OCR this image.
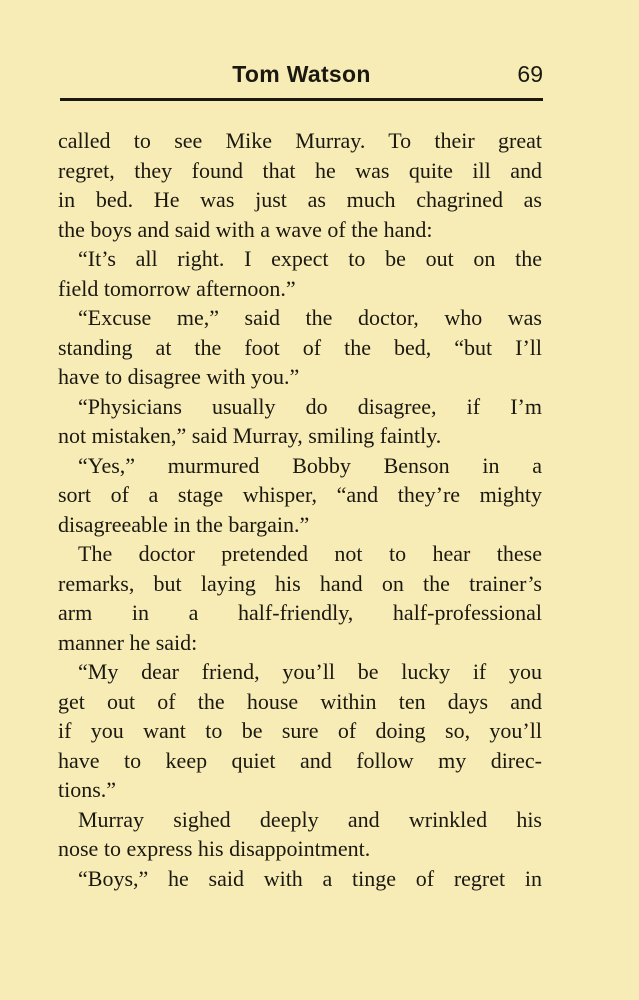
Tom Watson	69
called to see Mike Murray. To their great
regret, they found that he was quite ill and
in bed. He was just as much chagrined as
the boys and said with a wave of the hand:
“It’s all right. I expect to be out on the
field tomorrow afternoon.”
“Excuse me,” said the doctor, who was
standing at the foot of the bed, “but I’ll
have to disagree with you.”
“Physicians usually do disagree, if I’m
not mistaken,” said Murray, smiling faintly.
“Yes,” murmured Bobby Benson in a
sort of a stage whisper, “and they’re mighty
disagreeable in the bargain.”
The doctor pretended not to hear these
remarks, but laying his hand on the trainer’s
arm in a half-friendly, half-professional
manner he said:
“My dear friend, you’ll be lucky if you
get out of the house within ten days and
if you want to be sure of doing so, you’ll
have to keep quiet and follow my direc-
tions.”
Murray sighed deeply and wrinkled his
nose to express his disappointment.
“Boys,” he said with a tinge of regret in
